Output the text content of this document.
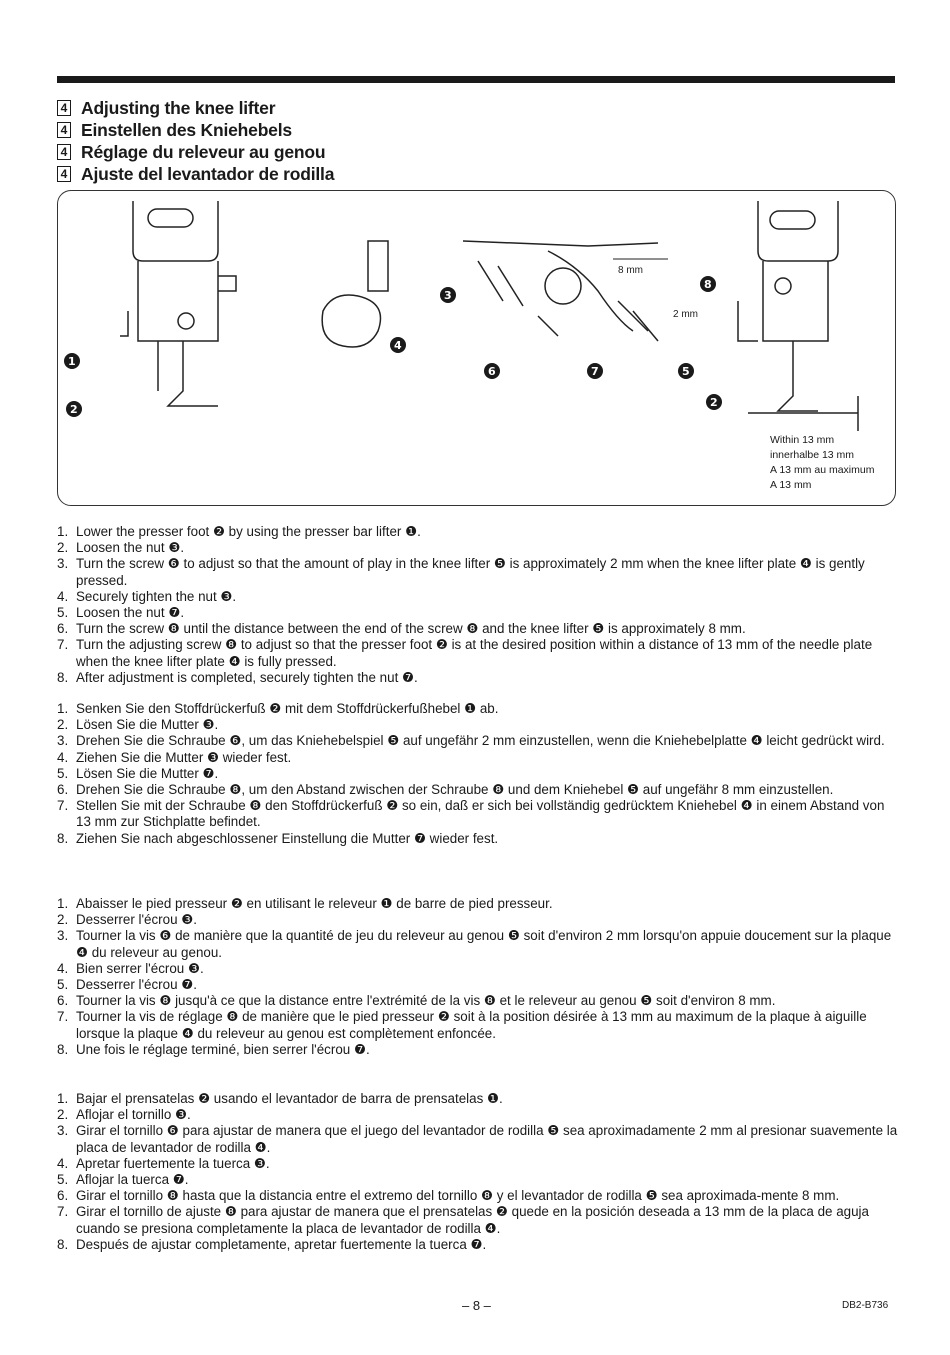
4 Adjusting the knee lifter
4 Einstellen des Kniehebels
4 Réglage du releveur au genou
4 Ajuste del levantador de rodilla
8 mm
2 mm
1
2
3
4
5
6	7
8
2
Within 13 mm
innerhalbe 13 mm
A 13 mm au maximum
A 13 mm
1. Lower the presser foot ❷ by using the presser bar lifter ❶.
2. Loosen the nut ❸.
3. Turn the screw ❻ to adjust so that the amount of play in the knee lifter ❺ is approximately 2 mm when the knee lifter plate ❹ is gently pressed.
4. Securely tighten the nut ❸.
5. Loosen the nut ❼.
6. Turn the screw ❽ until the distance between the end of the screw ❽ and the knee lifter ❺ is approximately 8 mm.
7. Turn the adjusting screw ❽ to adjust so that the presser foot ❷ is at the desired position within a distance of 13 mm of the needle plate when the knee lifter plate ❹ is fully pressed.
8. After adjustment is completed, securely tighten the nut ❼.
1. Senken Sie den Stoffdrückerfuß ❷ mit dem Stoffdrückerfußhebel ❶ ab.
2. Lösen Sie die Mutter ❸.
3. Drehen Sie die Schraube ❻, um das Kniehebelspiel ❺ auf ungefähr 2 mm einzustellen, wenn die Kniehebelplatte ❹ leicht gedrückt wird.
4. Ziehen Sie die Mutter ❸ wieder fest.
5. Lösen Sie die Mutter ❼.
6. Drehen Sie die Schraube ❽, um den Abstand zwischen der Schraube ❽ und dem Kniehebel ❺ auf ungefähr 8 mm einzustellen.
7. Stellen Sie mit der Schraube ❽ den Stoffdrückerfuß ❷ so ein, daß er sich bei vollständig gedrücktem Kniehebel ❹ in einem Abstand von 13 mm zur Stichplatte befindet.
8. Ziehen Sie nach abgeschlossener Einstellung die Mutter ❼ wieder fest.
1. Abaisser le pied presseur ❷ en utilisant le releveur ❶ de barre de pied presseur.
2. Desserrer l'écrou ❸.
3. Tourner la vis ❻ de manière que la quantité de jeu du releveur au genou ❺ soit d'environ 2 mm lorsqu'on appuie doucement sur la plaque ❹ du releveur au genou.
4. Bien serrer l'écrou ❸.
5. Desserrer l'écrou ❼.
6. Tourner la vis ❽ jusqu'à ce que la distance entre l'extrémité de la vis ❽ et le releveur au genou ❺ soit d'environ 8 mm.
7. Tourner la vis de réglage ❽ de manière que le pied presseur ❷ soit à la position désirée à 13 mm au maximum de la plaque à aiguille lorsque la plaque ❹ du releveur au genou est complètement enfoncée.
8. Une fois le réglage terminé, bien serrer l'écrou ❼.
1. Bajar el prensatelas ❷ usando el levantador de barra de prensatelas ❶.
2. Aflojar el tornillo ❸.
3. Girar el tornillo ❻ para ajustar de manera que el juego del levantador de rodilla ❺ sea aproximadamente 2 mm al presionar suavemente la placa de levantador de rodilla ❹.
4. Apretar fuertemente la tuerca ❸.
5. Aflojar la tuerca ❼.
6. Girar el tornillo ❽ hasta que la distancia entre el extremo del tornillo ❽ y el levantador de rodilla ❺ sea aproximada-mente 8 mm.
7. Girar el tornillo de ajuste ❽ para ajustar de manera que el prensatelas ❷ quede en la posición deseada a 13 mm de la placa de aguja cuando se presiona completamente la placa de levantador de rodilla ❹.
8. Después de ajustar completamente, apretar fuertemente la tuerca ❼.
– 8 –	DB2-B736
